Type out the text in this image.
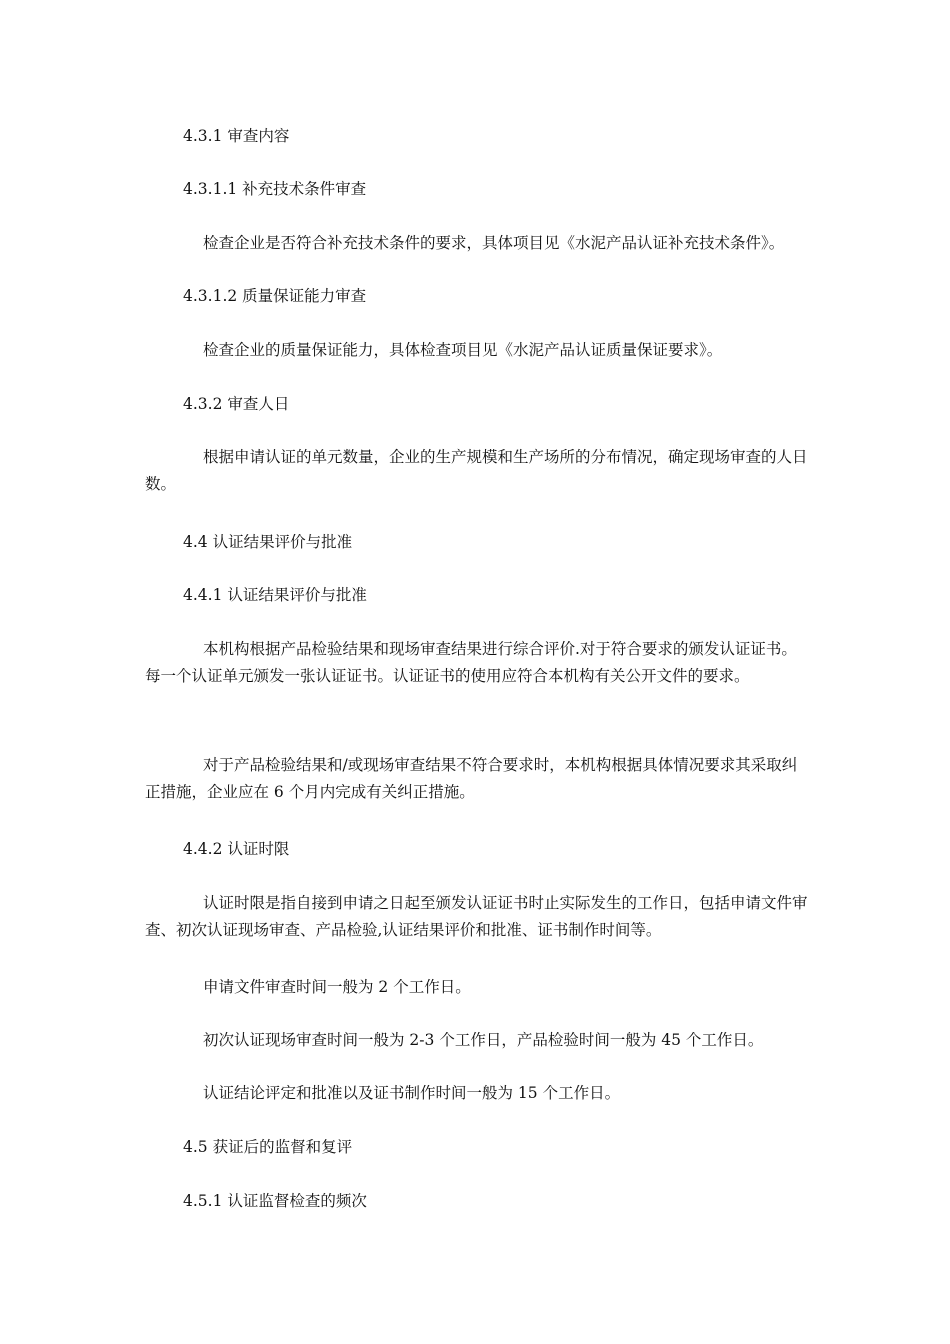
4.3.1 审查内容
4.3.1.1 补充技术条件审查
检查企业是否符合补充技术条件的要求，具体项目见《水泥产品认证补充技术条件》。
4.3.1.2 质量保证能力审查
检查企业的质量保证能力，具体检查项目见《水泥产品认证质量保证要求》。
4.3.2 审查人日
根据申请认证的单元数量，企业的生产规模和生产场所的分布情况，确定现场审查的人日数。
4.4 认证结果评价与批准
4.4.1 认证结果评价与批准
本机构根据产品检验结果和现场审查结果进行综合评价.对于符合要求的颁发认证证书。每一个认证单元颁发一张认证证书。认证证书的使用应符合本机构有关公开文件的要求。
对于产品检验结果和/或现场审查结果不符合要求时，本机构根据具体情况要求其采取纠正措施，企业应在 6 个月内完成有关纠正措施。
4.4.2 认证时限
认证时限是指自接到申请之日起至颁发认证证书时止实际发生的工作日，包括申请文件审查、初次认证现场审查、产品检验,认证结果评价和批准、证书制作时间等。
申请文件审查时间一般为 2 个工作日。
初次认证现场审查时间一般为 2-3 个工作日，产品检验时间一般为 45 个工作日。
认证结论评定和批准以及证书制作时间一般为 15 个工作日。
4.5 获证后的监督和复评
4.5.1 认证监督检查的频次
